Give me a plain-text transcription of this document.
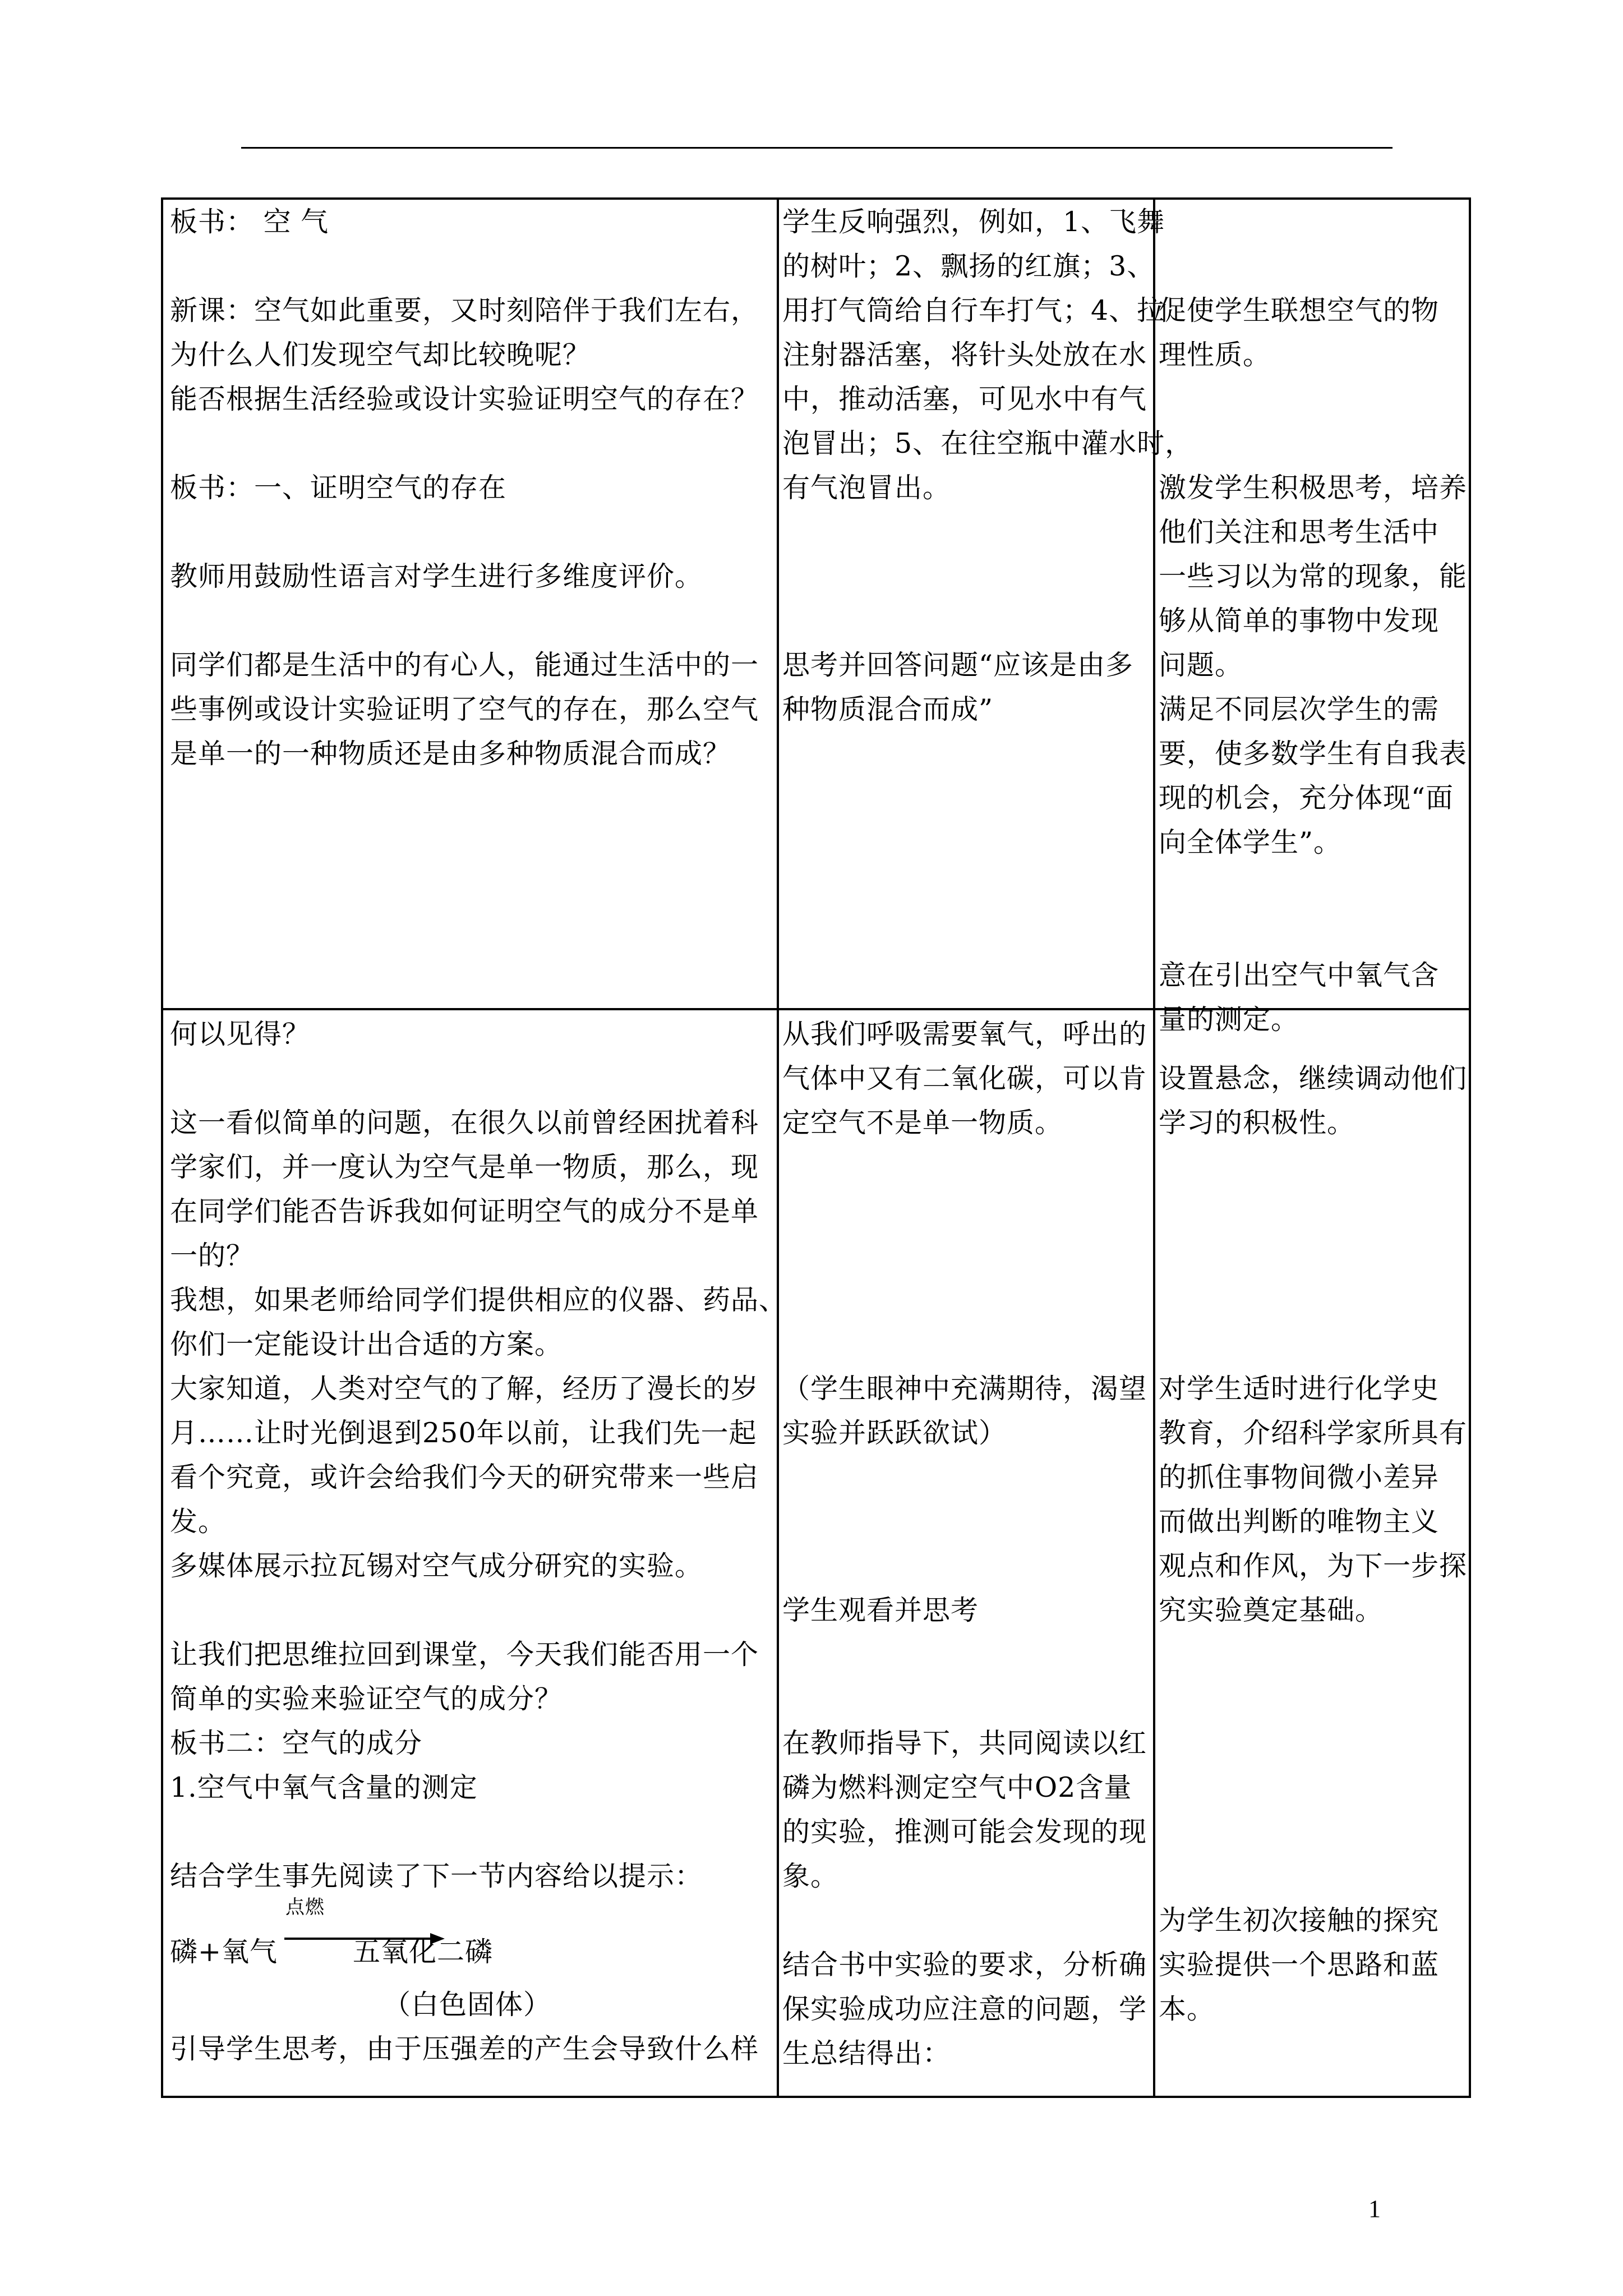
板书： 空 气
新课：空气如此重要，又时刻陪伴于我们左右，
为什么人们发现空气却比较晚呢？
能否根据生活经验或设计实验证明空气的存在？
板书：一、证明空气的存在
教师用鼓励性语言对学生进行多维度评价。
同学们都是生活中的有心人，能通过生活中的一
些事例或设计实验证明了空气的存在，那么空气
是单一的一种物质还是由多种物质混合而成？
学生反响强烈，例如，1、飞舞
的树叶；2、飘扬的红旗；3、
用打气筒给自行车打气；4、拉
注射器活塞，将针头处放在水
中，推动活塞，可见水中有气
泡冒出；5、在往空瓶中灌水时，
有气泡冒出。
思考并回答问题“应该是由多
种物质混合而成”
促使学生联想空气的物
理性质。
激发学生积极思考，培养
他们关注和思考生活中
一些习以为常的现象，能
够从简单的事物中发现
问题。
满足不同层次学生的需
要，使多数学生有自我表
现的机会，充分体现“面
向全体学生”。
意在引出空气中氧气含
量的测定。
何以见得？
这一看似简单的问题，在很久以前曾经困扰着科
学家们，并一度认为空气是单一物质，那么，现
在同学们能否告诉我如何证明空气的成分不是单
一的？
我想，如果老师给同学们提供相应的仪器、药品、
你们一定能设计出合适的方案。
大家知道，人类对空气的了解，经历了漫长的岁
月……让时光倒退到250年以前，让我们先一起
看个究竟，或许会给我们今天的研究带来一些启
发。
多媒体展示拉瓦锡对空气成分研究的实验。
让我们把思维拉回到课堂，今天我们能否用一个
简单的实验来验证空气的成分？
板书二：空气的成分
1.空气中氧气含量的测定
结合学生事先阅读了下一节内容给以提示：
磷+氧气
点燃
五氧化二磷
（白色固体）
引导学生思考，由于压强差的产生会导致什么样
从我们呼吸需要氧气，呼出的
气体中又有二氧化碳，可以肯
定空气不是单一物质。
（学生眼神中充满期待，渴望
实验并跃跃欲试）
学生观看并思考
在教师指导下，共同阅读以红
磷为燃料测定空气中O2含量
的实验，推测可能会发现的现
象。
结合书中实验的要求，分析确
保实验成功应注意的问题，学
生总结得出：
设置悬念，继续调动他们
学习的积极性。
对学生适时进行化学史
教育，介绍科学家所具有
的抓住事物间微小差异
而做出判断的唯物主义
观点和作风，为下一步探
究实验奠定基础。
为学生初次接触的探究
实验提供一个思路和蓝
本。
1
